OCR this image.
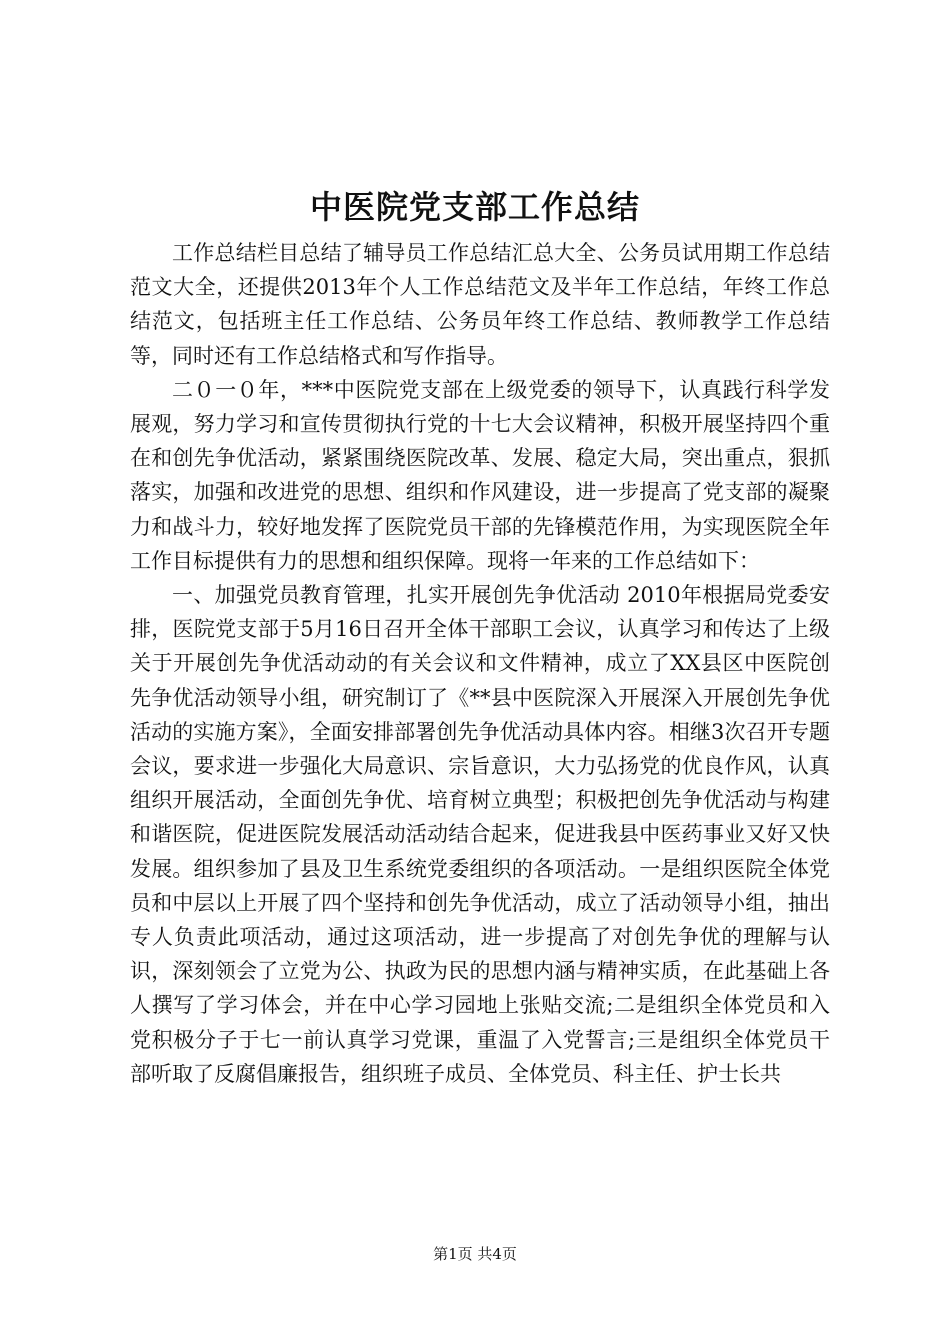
中医院党支部工作总结

工作总结栏目总结了辅导员工作总结汇总大全、公务员试用期工作总结范文大全，还提供2013年个人工作总结范文及半年工作总结，年终工作总结范文，包括班主任工作总结、公务员年终工作总结、教师教学工作总结等，同时还有工作总结格式和写作指导。

二０一０年，***中医院党支部在上级党委的领导下，认真践行科学发展观，努力学习和宣传贯彻执行党的十七大会议精神，积极开展坚持四个重在和创先争优活动，紧紧围绕医院改革、发展、稳定大局，突出重点，狠抓落实，加强和改进党的思想、组织和作风建设，进一步提高了党支部的凝聚力和战斗力，较好地发挥了医院党员干部的先锋模范作用，为实现医院全年工作目标提供有力的思想和组织保障。现将一年来的工作总结如下：

一、加强党员教育管理，扎实开展创先争优活动 2010年根据局党委安排，医院党支部于5月16日召开全体干部职工会议，认真学习和传达了上级关于开展创先争优活动动的有关会议和文件精神，成立了XX县区中医院创先争优活动领导小组，研究制订了《**县中医院深入开展深入开展创先争优活动的实施方案》，全面安排部署创先争优活动具体内容。相继3次召开专题会议，要求进一步强化大局意识、宗旨意识，大力弘扬党的优良作风，认真组织开展活动，全面创先争优、培育树立典型；积极把创先争优活动与构建和谐医院，促进医院发展活动活动结合起来，促进我县中医药事业又好又快发展。组织参加了县及卫生系统党委组织的各项活动。一是组织医院全体党员和中层以上开展了四个坚持和创先争优活动，成立了活动领导小组，抽出专人负责此项活动，通过这项活动，进一步提高了对创先争优的理解与认识，深刻领会了立党为公、执政为民的思想内涵与精神实质，在此基础上各人撰写了学习体会，并在中心学习园地上张贴交流;二是组织全体党员和入党积极分子于七一前认真学习党课，重温了入党誓言;三是组织全体党员干部听取了反腐倡廉报告，组织班子成员、全体党员、科主任、护士长共

第1页 共4页
